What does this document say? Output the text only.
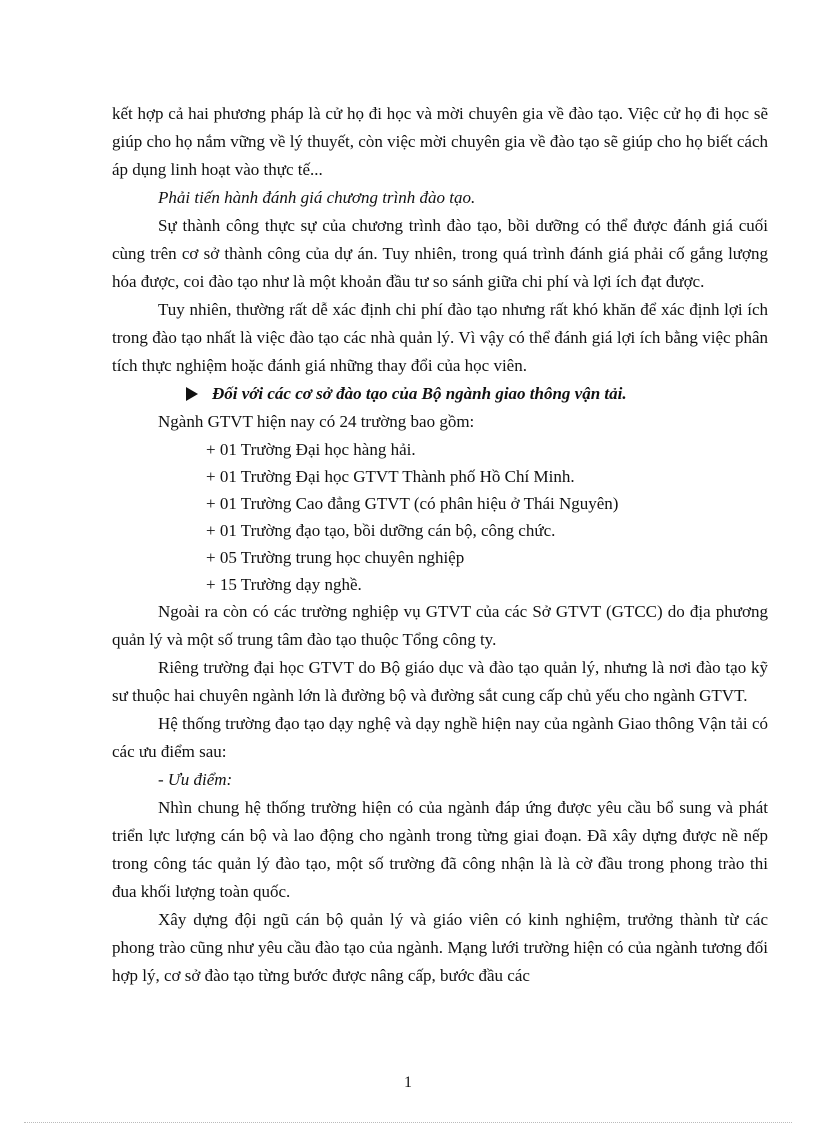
kết hợp cả hai phương pháp là cử họ đi học và mời chuyên gia về đào tạo. Việc cử họ đi học sẽ giúp cho họ nắm vững về lý thuyết, còn việc mời chuyên gia về đào tạo sẽ giúp cho họ biết cách áp dụng linh hoạt vào thực tế...

Phải tiến hành đánh giá chương trình đào tạo.

Sự thành công thực sự của chương trình đào tạo, bồi dưỡng có thể được đánh giá cuối cùng trên cơ sở thành công của dự án. Tuy nhiên, trong quá trình đánh giá phải cố gắng lượng hóa được, coi đào tạo như là một khoản đầu tư so sánh giữa chi phí và lợi ích đạt được.

Tuy nhiên, thường rất dễ xác định chi phí đào tạo nhưng rất khó khăn để xác định lợi ích trong đào tạo nhất là việc đào tạo các nhà quản lý. Vì vậy có thể đánh giá lợi ích bằng việc phân tích thực nghiệm hoặc đánh giá những thay đổi của học viên.

Đối với các cơ sở đào tạo của Bộ ngành giao thông vận tải.

Ngành GTVT hiện nay có 24 trường bao gồm:

+ 01 Trường Đại học hàng hải.

+ 01 Trường Đại học GTVT Thành phố Hồ Chí Minh.

+ 01 Trường Cao đẳng GTVT (có phân hiệu ở Thái Nguyên)

+ 01 Trường đạo tạo, bồi dưỡng cán bộ, công chức.

+ 05 Trường trung học chuyên nghiệp

+ 15 Trường dạy nghề.

Ngoài ra còn có các trường nghiệp vụ GTVT của các Sở GTVT (GTCC) do địa phương quản lý và một số trung tâm đào tạo thuộc Tổng công ty.

Riêng trường đại học GTVT do Bộ giáo dục và đào tạo quản lý, nhưng là nơi đào tạo kỹ sư thuộc hai chuyên ngành lớn là đường bộ và đường sắt cung cấp chủ yếu cho ngành GTVT.

Hệ thống trường đạo tạo dạy nghệ và dạy nghề hiện nay của ngành Giao thông Vận tải có các ưu điểm sau:

- Ưu điểm:

Nhìn chung hệ thống trường hiện có của ngành đáp ứng được yêu cầu bổ sung và phát triển lực lượng cán bộ và lao động cho ngành trong từng giai đoạn. Đã xây dựng được nề nếp trong công tác quản lý đào tạo, một số trường đã công nhận là là cờ đầu trong phong trào thi đua khối lượng toàn quốc.

Xây dựng đội ngũ cán bộ quản lý và giáo viên có kinh nghiệm, trưởng thành từ các phong trào cũng như yêu cầu đào tạo của ngành. Mạng lưới trường hiện có của ngành tương đối hợp lý, cơ sở đào tạo từng bước được nâng cấp, bước đầu các

1
